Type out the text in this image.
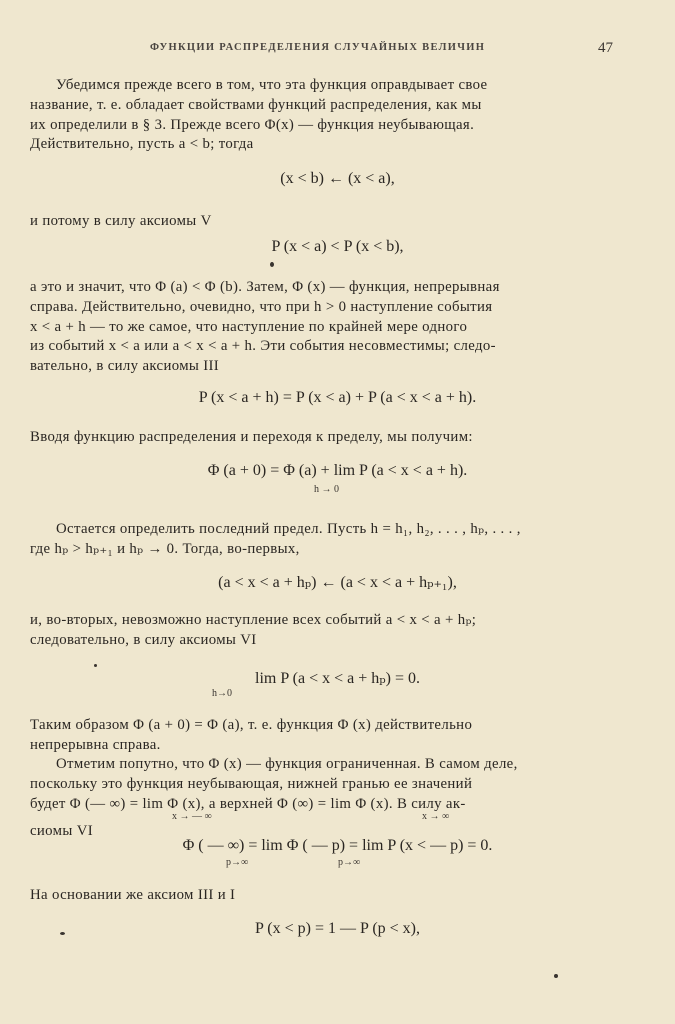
ФУНКЦИИ РАСПРЕДЕЛЕНИЯ СЛУЧАЙНЫХ ВЕЛИЧИН	47
Убедимся прежде всего в том, что эта функция оправдывает свое
название, т. е. обладает свойствами функций распределения, как мы
их определили в § 3. Прежде всего Φ(x) — функция неубывающая.
Действительно, пусть a < b; тогда
(x < b) ← (x < a),
и потому в силу аксиомы V
P (x < a) < P (x < b),
а это и значит, что Φ (a) < Φ (b). Затем, Φ (x) — функция, непрерывная
справа. Действительно, очевидно, что при h > 0 наступление события
x < a + h — то же самое, что наступление по крайней мере одного
из событий x < a или a < x < a + h. Эти события несовместимы; следо-
вательно, в силу аксиомы III
P (x < a + h) = P (x < a) + P (a < x < a + h).
Вводя функцию распределения и переходя к пределу, мы получим:
Φ (a + 0) = Φ (a) + lim P (a < x < a + h).
h → 0
Остается определить последний предел. Пусть h = h₁, h₂, . . . , hₚ, . . . ,
где hₚ > hₚ₊₁ и hₚ → 0. Тогда, во-первых,
(a < x < a + hₚ) ← (a < x < a + hₚ₊₁),
и, во-вторых, невозможно наступление всех событий a < x < a + hₚ;
следовательно, в силу аксиомы VI
lim P (a < x < a + hₚ) = 0.
h→0
Таким образом Φ (a + 0) = Φ (a), т. е. функция Φ (x) действительно
непрерывна справа.
Отметим попутно, что Φ (x) — функция ограниченная. В самом деле,
поскольку это функция неубывающая, нижней гранью ее значений
будет Φ (— ∞) = lim Φ (x), а верхней Φ (∞) = lim Φ (x). В силу ак-
сиомы VI
x → — ∞	x → ∞
Φ ( — ∞) = lim Φ ( — p) = lim P (x < — p) = 0.
p→∞	p→∞
На основании же аксиом III и I
P (x < p) = 1 — P (p < x),
